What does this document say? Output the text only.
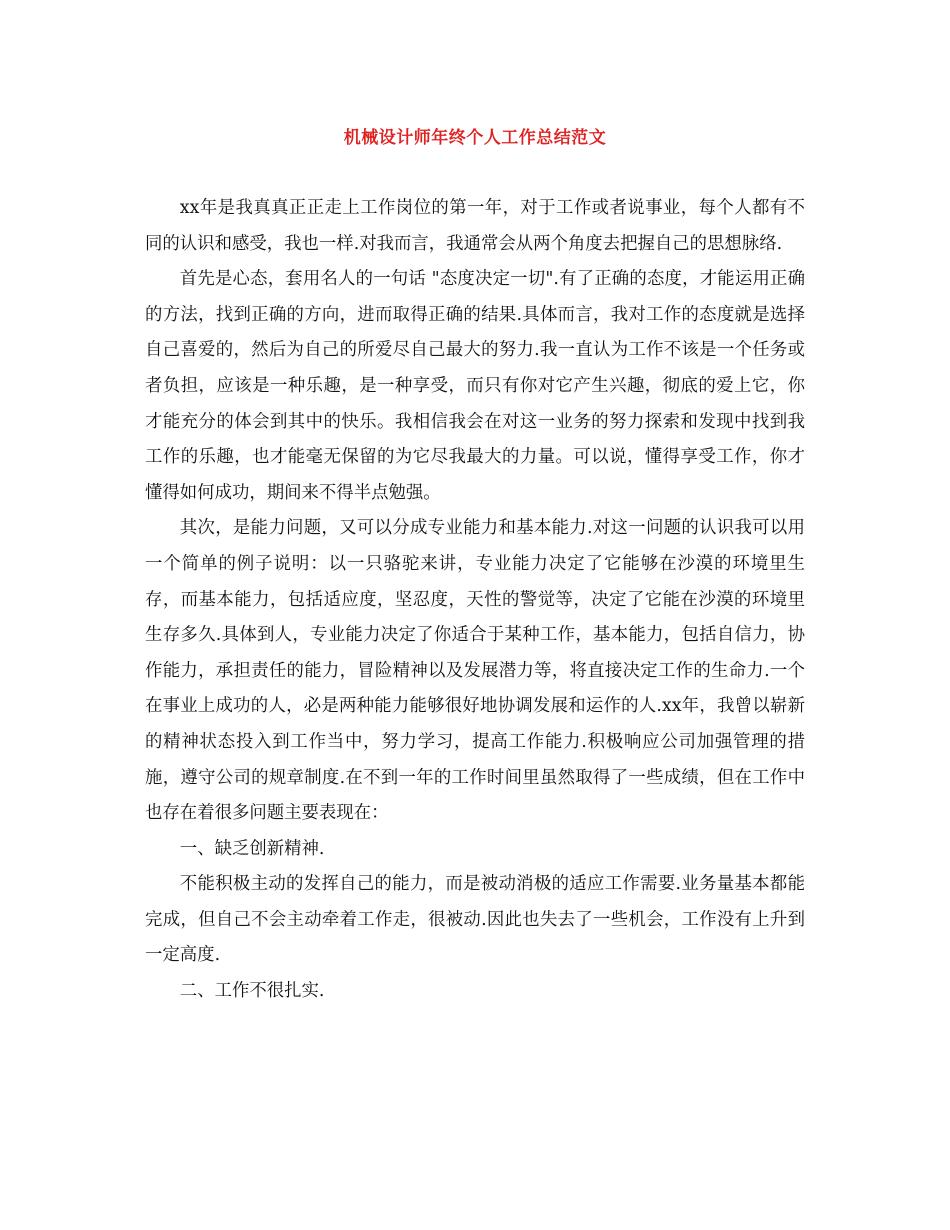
机械设计师年终个人工作总结范文

xx年是我真真正正走上工作岗位的第一年，对于工作或者说事业，每个人都有不同的认识和感受，我也一样.对我而言，我通常会从两个角度去把握自己的思想脉络.

首先是心态，套用名人的一句话 "态度决定一切".有了正确的态度，才能运用正确的方法，找到正确的方向，进而取得正确的结果.具体而言，我对工作的态度就是选择自己喜爱的，然后为自己的所爱尽自己最大的努力.我一直认为工作不该是一个任务或者负担，应该是一种乐趣，是一种享受，而只有你对它产生兴趣，彻底的爱上它，你才能充分的体会到其中的快乐。我相信我会在对这一业务的努力探索和发现中找到我工作的乐趣，也才能毫无保留的为它尽我最大的力量。可以说，懂得享受工作，你才懂得如何成功，期间来不得半点勉强。

其次，是能力问题，又可以分成专业能力和基本能力.对这一问题的认识我可以用一个简单的例子说明：以一只骆驼来讲，专业能力决定了它能够在沙漠的环境里生存，而基本能力，包括适应度，坚忍度，天性的警觉等，决定了它能在沙漠的环境里生存多久.具体到人，专业能力决定了你适合于某种工作，基本能力，包括自信力，协作能力，承担责任的能力，冒险精神以及发展潜力等，将直接决定工作的生命力.一个在事业上成功的人，必是两种能力能够很好地协调发展和运作的人.xx年，我曾以崭新的精神状态投入到工作当中，努力学习，提高工作能力.积极响应公司加强管理的措施，遵守公司的规章制度.在不到一年的工作时间里虽然取得了一些成绩，但在工作中也存在着很多问题主要表现在：

一、缺乏创新精神.

不能积极主动的发挥自己的能力，而是被动消极的适应工作需要.业务量基本都能完成，但自己不会主动牵着工作走，很被动.因此也失去了一些机会，工作没有上升到一定高度.

二、工作不很扎实.
